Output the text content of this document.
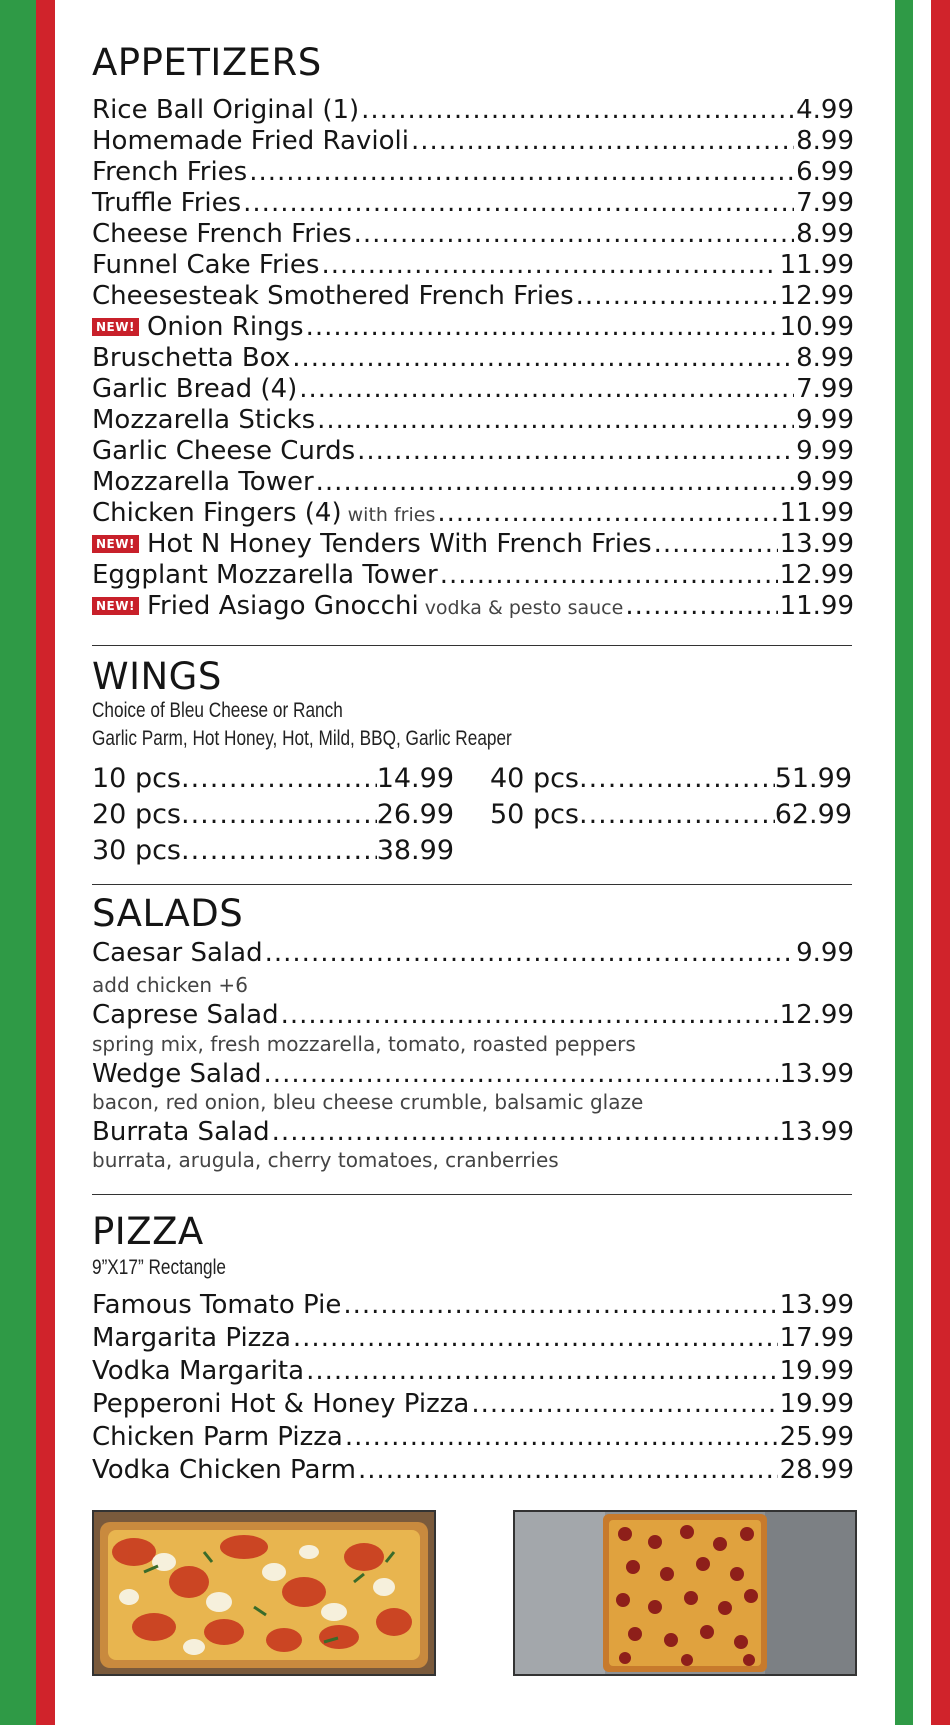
APPETIZERS
Rice Ball Original (1) .....	4.99
Homemade Fried Ravioli .....	8.99
French Fries .....	6.99
Truffle Fries .....	7.99
Cheese French Fries .....	8.99
Funnel Cake Fries .....	11.99
Cheesesteak Smothered French Fries .....	12.99
NEW! Onion Rings .....	10.99
Bruschetta Box .....	8.99
Garlic Bread (4) .....	7.99
Mozzarella Sticks .....	9.99
Garlic Cheese Curds .....	9.99
Mozzarella Tower .....	9.99
Chicken Fingers (4) with fries .....	11.99
NEW! Hot N Honey Tenders With French Fries .....	13.99
Eggplant Mozzarella Tower .....	12.99
NEW! Fried Asiago Gnocchi vodka & pesto sauce .....	11.99
WINGS
Choice of Bleu Cheese or Ranch
Garlic Parm, Hot Honey, Hot, Mild, BBQ, Garlic Reaper
10 pcs .....	14.99 40 pcs .....	51.99
20 pcs .....	26.99 50 pcs .....	62.99
30 pcs .....	38.99
SALADS
Caesar Salad .....	9.99
add chicken +6
Caprese Salad .....	12.99
spring mix, fresh mozzarella, tomato, roasted peppers
Wedge Salad .....	13.99
bacon, red onion, bleu cheese crumble, balsamic glaze
Burrata Salad .....	13.99
burrata, arugula, cherry tomatoes, cranberries
PIZZA
9”X17” Rectangle
Famous Tomato Pie .....	13.99
Margarita Pizza .....	17.99
Vodka Margarita .....	19.99
Pepperoni Hot & Honey Pizza .....	19.99
Chicken Parm Pizza .....	25.99
Vodka Chicken Parm .....	28.99
